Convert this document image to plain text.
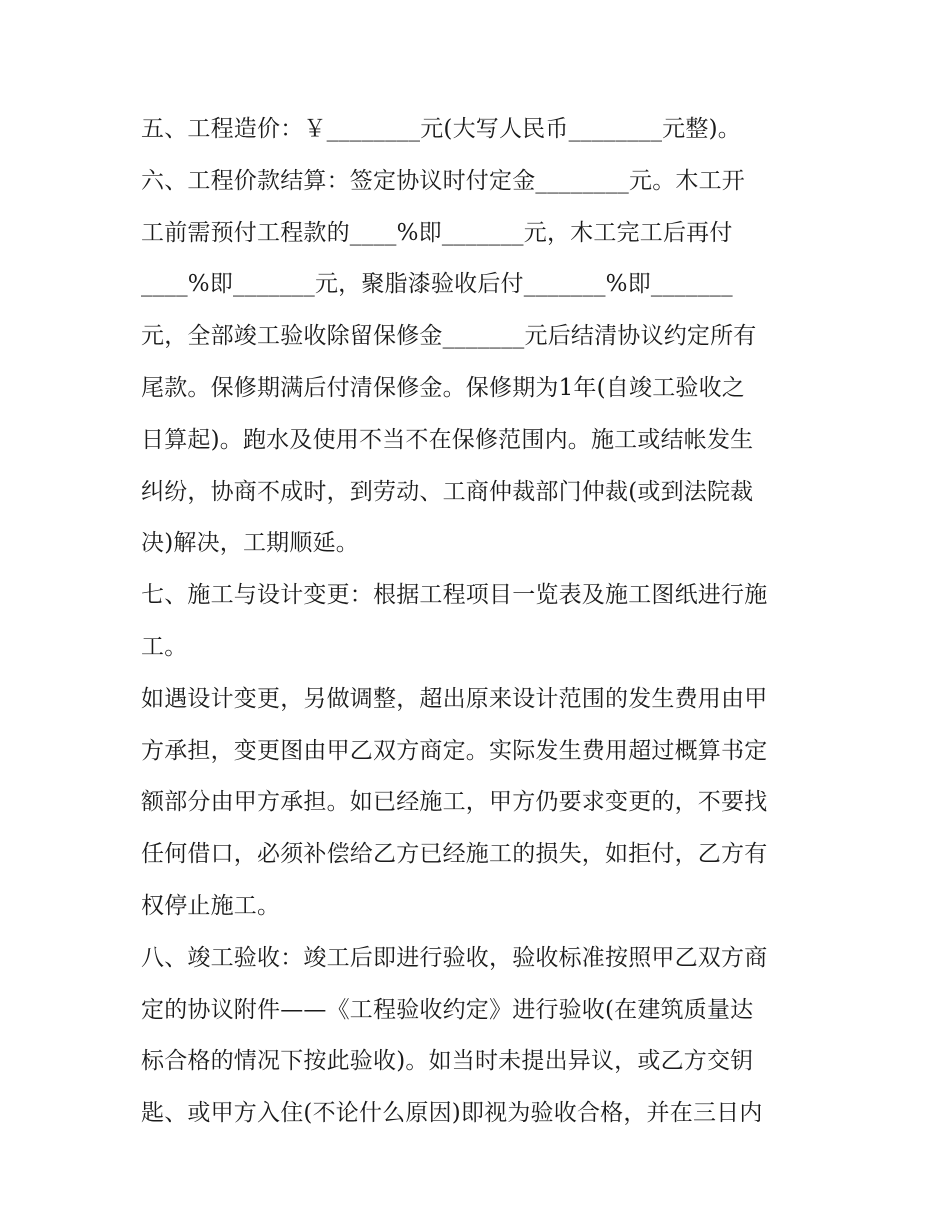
五、工程造价：￥________元(大写人民币________元整)。
六、工程价款结算：签定协议时付定金________元。木工开
工前需预付工程款的____%即_______元，木工完工后再付
____%即_______元，聚脂漆验收后付_______%即_______
元，全部竣工验收除留保修金_______元后结清协议约定所有
尾款。保修期满后付清保修金。保修期为1年(自竣工验收之
日算起)。跑水及使用不当不在保修范围内。施工或结帐发生
纠纷，协商不成时，到劳动、工商仲裁部门仲裁(或到法院裁
决)解决，工期顺延。
七、施工与设计变更：根据工程项目一览表及施工图纸进行施
工。
如遇设计变更，另做调整，超出原来设计范围的发生费用由甲
方承担，变更图由甲乙双方商定。实际发生费用超过概算书定
额部分由甲方承担。如已经施工，甲方仍要求变更的，不要找
任何借口，必须补偿给乙方已经施工的损失，如拒付，乙方有
权停止施工。
八、竣工验收：竣工后即进行验收，验收标准按照甲乙双方商
定的协议附件——《工程验收约定》进行验收(在建筑质量达
标合格的情况下按此验收)。如当时未提出异议，或乙方交钥
匙、或甲方入住(不论什么原因)即视为验收合格，并在三日内
